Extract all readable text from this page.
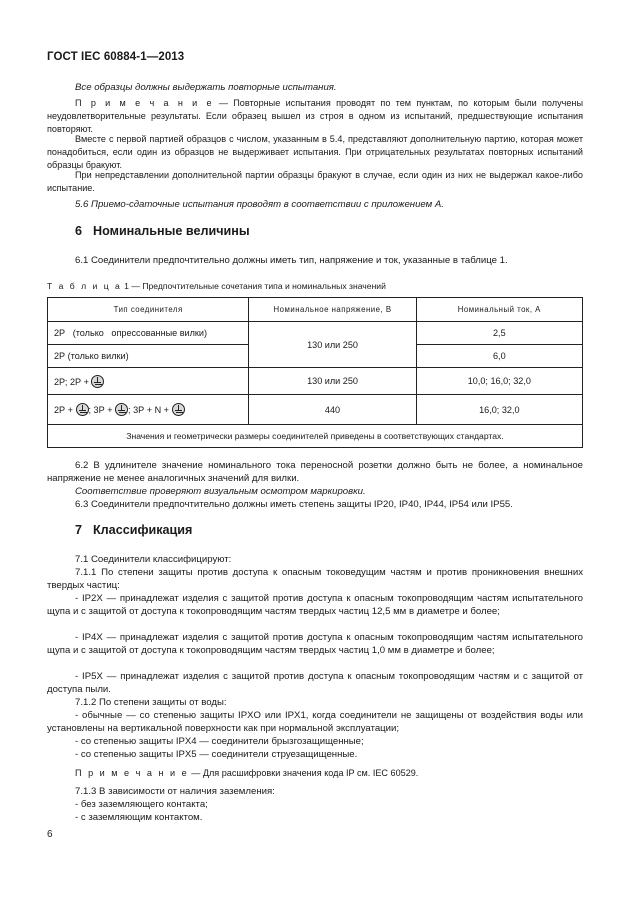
ГОСТ IEC 60884-1—2013
Все образцы должны выдержать повторные испытания.
П р и м е ч а н и е — Повторные испытания проводят по тем пунктам, по которым были получены неудовлетворительные результаты. Если образец вышел из строя в одном из испытаний, предшествующие испытания повторяют.
Вместе с первой партией образцов с числом, указанным в 5.4, представляют дополнительную партию, которая может понадобиться, если один из образцов не выдерживает испытания. При отрицательных результатах повторных испытаний образцы бракуют.
При непредставлении дополнительной партии образцы бракуют в случае, если один из них не выдержал какое-либо испытание.
5.6 Приемо-сдаточные испытания проводят в соответствии с приложением А.
6 Номинальные величины
6.1 Соединители предпочтительно должны иметь тип, напряжение и ток, указанные в таблице 1.
Т а б л и ц а 1 — Предпочтительные сочетания типа и номинальных значений
Тип соединителя	Номинальное напряжение, В	Номинальный ток, А
2Р   (только   опрессованные вилки)	130 или 250	2,5
2Р (только вилки)		6,0
2Р; 2Р +	130 или 250	10,0; 16,0; 32,0
2Р + ; 3Р + ; 3Р + N +	440	16,0; 32,0
Значения и геометрически размеры соединителей приведены в соответствующих стандартах.		
6.2 В удлинителе значение номинального тока переносной розетки должно быть не более, а номинальное напряжение не менее аналогичных значений для вилки.
Соответствие проверяют визуальным осмотром маркировки.
6.3 Соединители предпочтительно должны иметь степень защиты IP20, IP40, IP44, IP54 или IP55.
7 Классификация
7.1 Соединители классифицируют:
7.1.1 По степени защиты против доступа к опасным токоведущим частям и против проникновения внешних твердых частиц:
- IP2X — принадлежат изделия с защитой против доступа к опасным токопроводящим частям испытательного щупа и с защитой от доступа к токопроводящим частям твердых частиц 12,5 мм в диаметре и более;
- IP4X — принадлежат изделия с защитой против доступа к опасным токопроводящим частям испытательного щупа и с защитой от доступа к токопроводящим частям твердых частиц 1,0 мм в диаметре и более;
- IP5X — принадлежат изделия с защитой против доступа к опасным токопроводящим частям и с защитой от доступа пыли.
7.1.2 По степени защиты от воды:
- обычные — со степенью защиты IPXO или IPX1, когда соединители не защищены от воздействия воды или установлены на вертикальной поверхности как при нормальной эксплуатации;
- со степенью защиты IPX4 — соединители брызгозащищенные;
- со степенью защиты IPX5 — соединители струезащищенные.
П р и м е ч а н и е — Для расшифровки значения кода IP см. IEC 60529.
7.1.3 В зависимости от наличия заземления:
- без заземляющего контакта;
- с заземляющим контактом.
6
